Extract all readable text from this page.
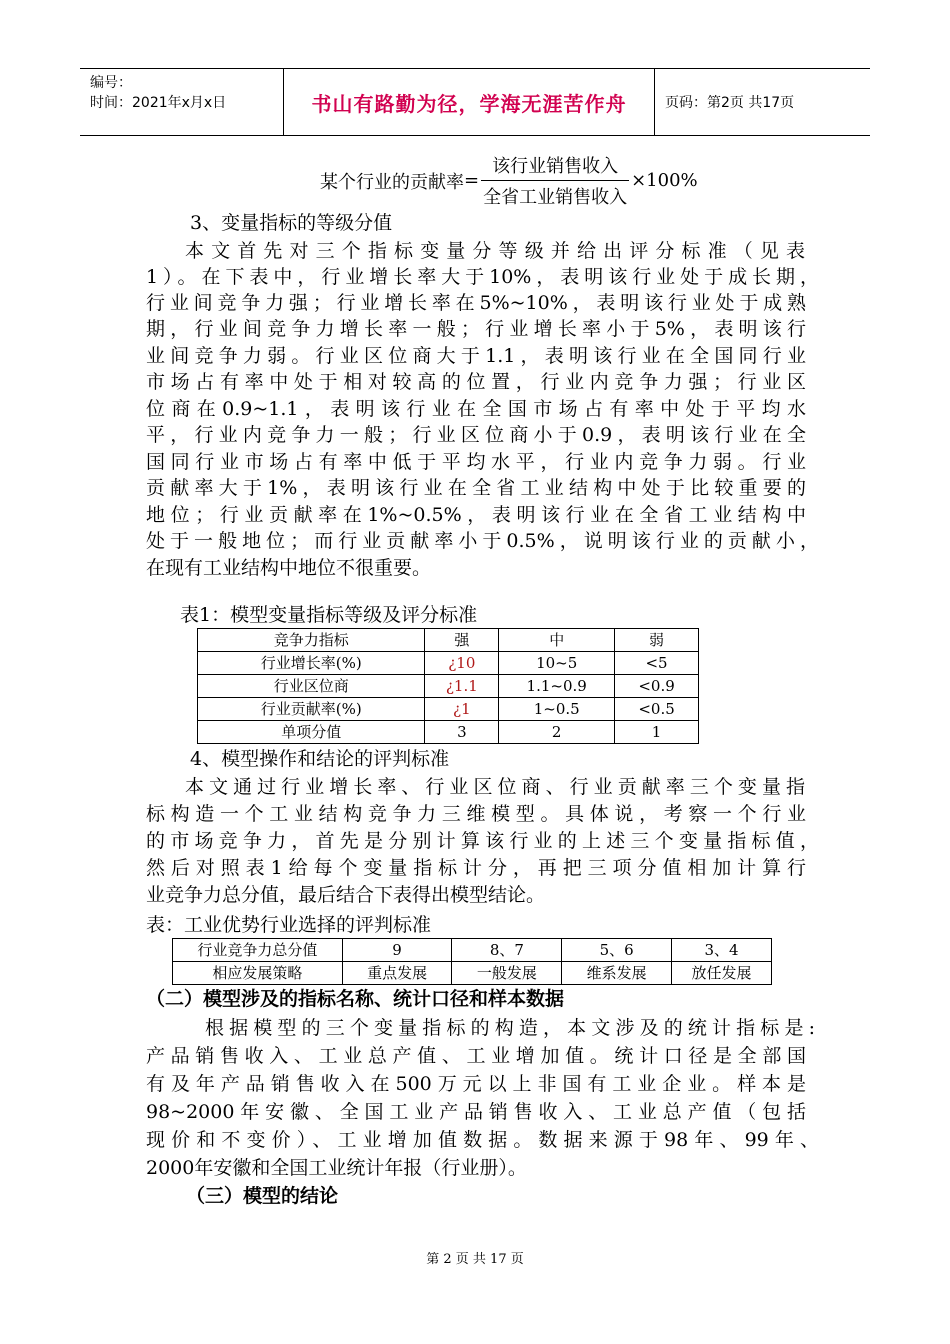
编号：
时间：2021年x月x日	书山有路勤为径，学海无涯苦作舟	页码：第2页 共17页
某个行业的贡献率 = $\frac{\text{该行业销售收入}}{\text{全省工业销售收入}} \times 100\%$
3、变量指标的等级分值
本文首先对三个指标变量分等级并给出评分标准（见表
1）。在下表中，行业增长率大于10%，表明该行业处于成长期，
行业间竞争力强；行业增长率在5%~10%，表明该行业处于成熟
期，行业间竞争力增长率一般；行业增长率小于5%，表明该行
业间竞争力弱。行业区位商大于1.1，表明该行业在全国同行业
市场占有率中处于相对较高的位置，行业内竞争力强；行业区
位商在0.9~1.1，表明该行业在全国市场占有率中处于平均水
平，行业内竞争力一般；行业区位商小于0.9，表明该行业在全
国同行业市场占有率中低于平均水平，行业内竞争力弱。行业
贡献率大于1%，表明该行业在全省工业结构中处于比较重要的
地位；行业贡献率在1%~0.5%，表明该行业在全省工业结构中
处于一般地位；而行业贡献率小于0.5%，说明该行业的贡献小，
在现有工业结构中地位不很重要。
表1：模型变量指标等级及评分标准
竞争力指标	强	中	弱
行业增长率(%)	¿10	10~5	<5
行业区位商	¿1.1	1.1~0.9	<0.9
行业贡献率(%)	¿1	1~0.5	<0.5
单项分值	3	2	1
4、模型操作和结论的评判标准
本文通过行业增长率、行业区位商、行业贡献率三个变量指
标构造一个工业结构竞争力三维模型。具体说，考察一个行业
的市场竞争力，首先是分别计算该行业的上述三个变量指标值，
然后对照表1给每个变量指标计分，再把三项分值相加计算行
业竞争力总分值，最后结合下表得出模型结论。
表：工业优势行业选择的评判标准
行业竞争力总分值	9	8、7	5、6	3、4
相应发展策略	重点发展	一般发展	维系发展	放任发展
（二）模型涉及的指标名称、统计口径和样本数据
根据模型的三个变量指标的构造，本文涉及的统计指标是:
产品销售收入、工业总产值、工业增加值。统计口径是全部国
有及年产品销售收入在500万元以上非国有工业企业。样本是
98~2000年安徽、全国工业产品销售收入、工业总产值（包括
现价和不变价）、工业增加值数据。数据来源于98年、99年、
2000年安徽和全国工业统计年报（行业册）。
（三）模型的结论
第 2 页 共 17 页
